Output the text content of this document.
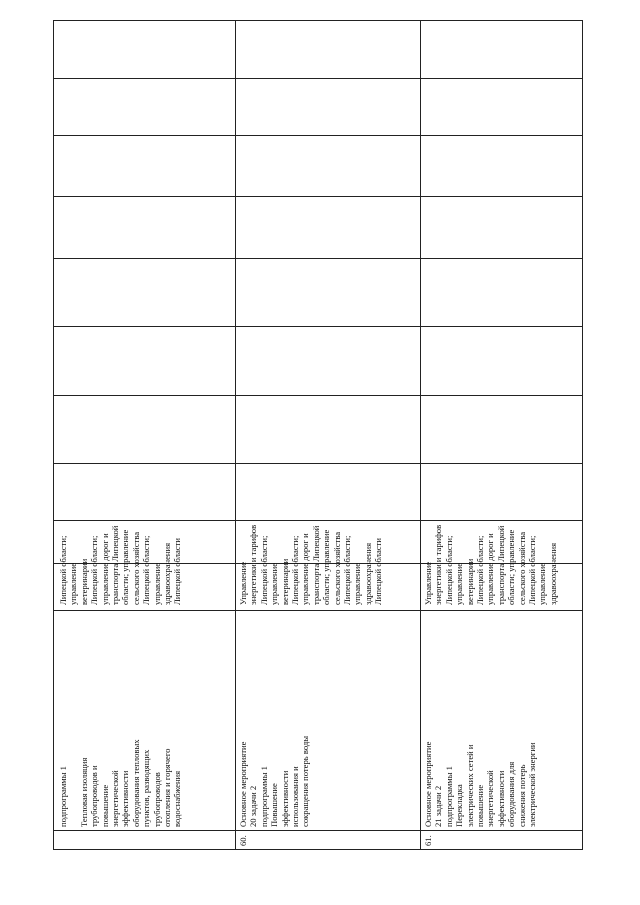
подпрограммы 1 Тепловая изоляция трубопроводов и повышение энергетической эффективности оборудования тепловых пунктов, разводящих трубопроводов отопления и горячего водоснабжения
Липецкой области; управление ветеринарии Липецкой области; управление дорог и транспорта Липецкой области; управление сельского хозяйства Липецкой области; управление здравоохранения Липецкой области
60.
Основное мероприятие 20 задачи 2 подпрограммы 1 Повышение эффективности использования и сокращения потерь воды
Управление энергетики и тарифов Липецкой области; управление ветеринарии Липецкой области; управление дорог и транспорта Липецкой области; управление сельского хозяйства Липецкой области; управление здравоохранения Липецкой области
61.
Основное мероприятие 21 задачи 2 подпрограммы 1 Перекладка электрических сетей и повышение энергетической эффективности оборудования для снижения потерь электрической энергии
Управление энергетики и тарифов Липецкой области; управление ветеринарии Липецкой области; управление дорог и транспорта Липецкой области; управление сельского хозяйства Липецкой области; управление здравоохранения
